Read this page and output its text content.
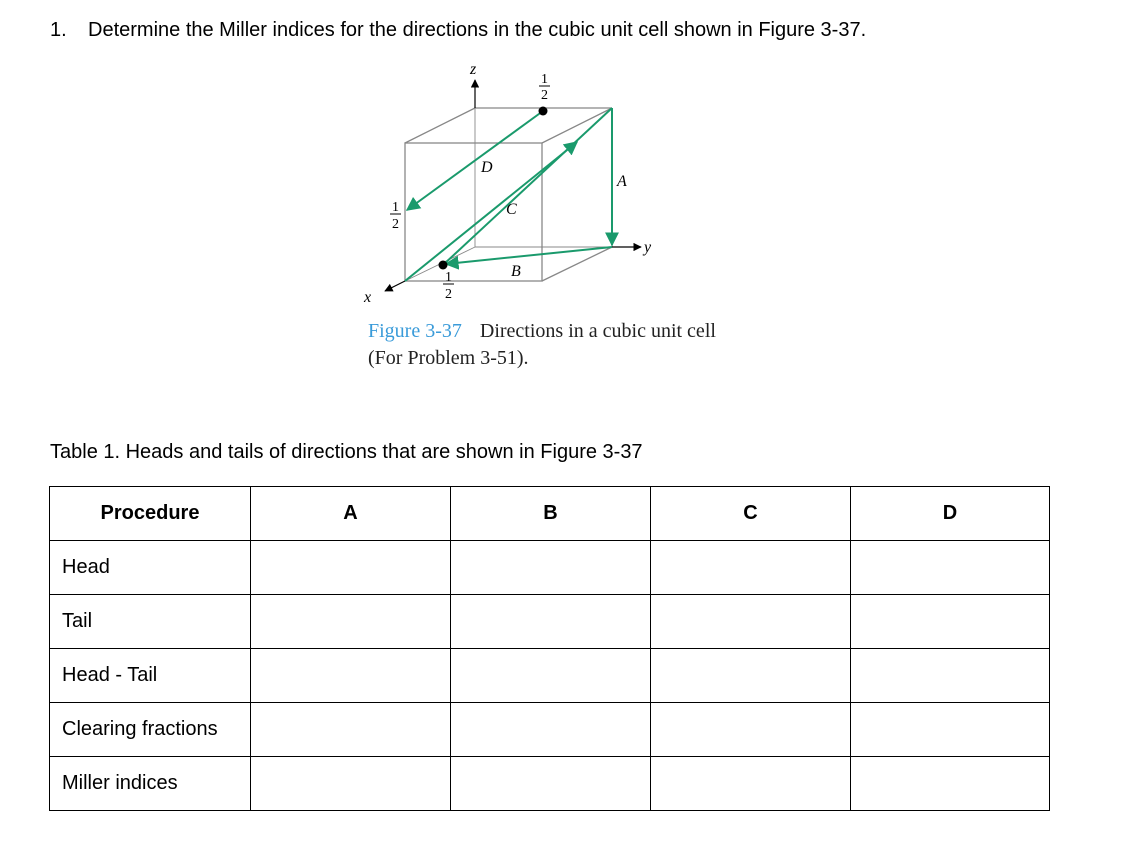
1. Determine the Miller indices for the directions in the cubic unit cell shown in Figure 3-37.
z
y
x
1
2
1
2
1
2
A
B
C
D
Figure 3-37 Directions in a cubic unit cell (For Problem 3-51).
Table 1. Heads and tails of directions that are shown in Figure 3-37
Procedure	A	B	C	D
Head				
Tail				
Head - Tail				
Clearing fractions				
Miller indices				
